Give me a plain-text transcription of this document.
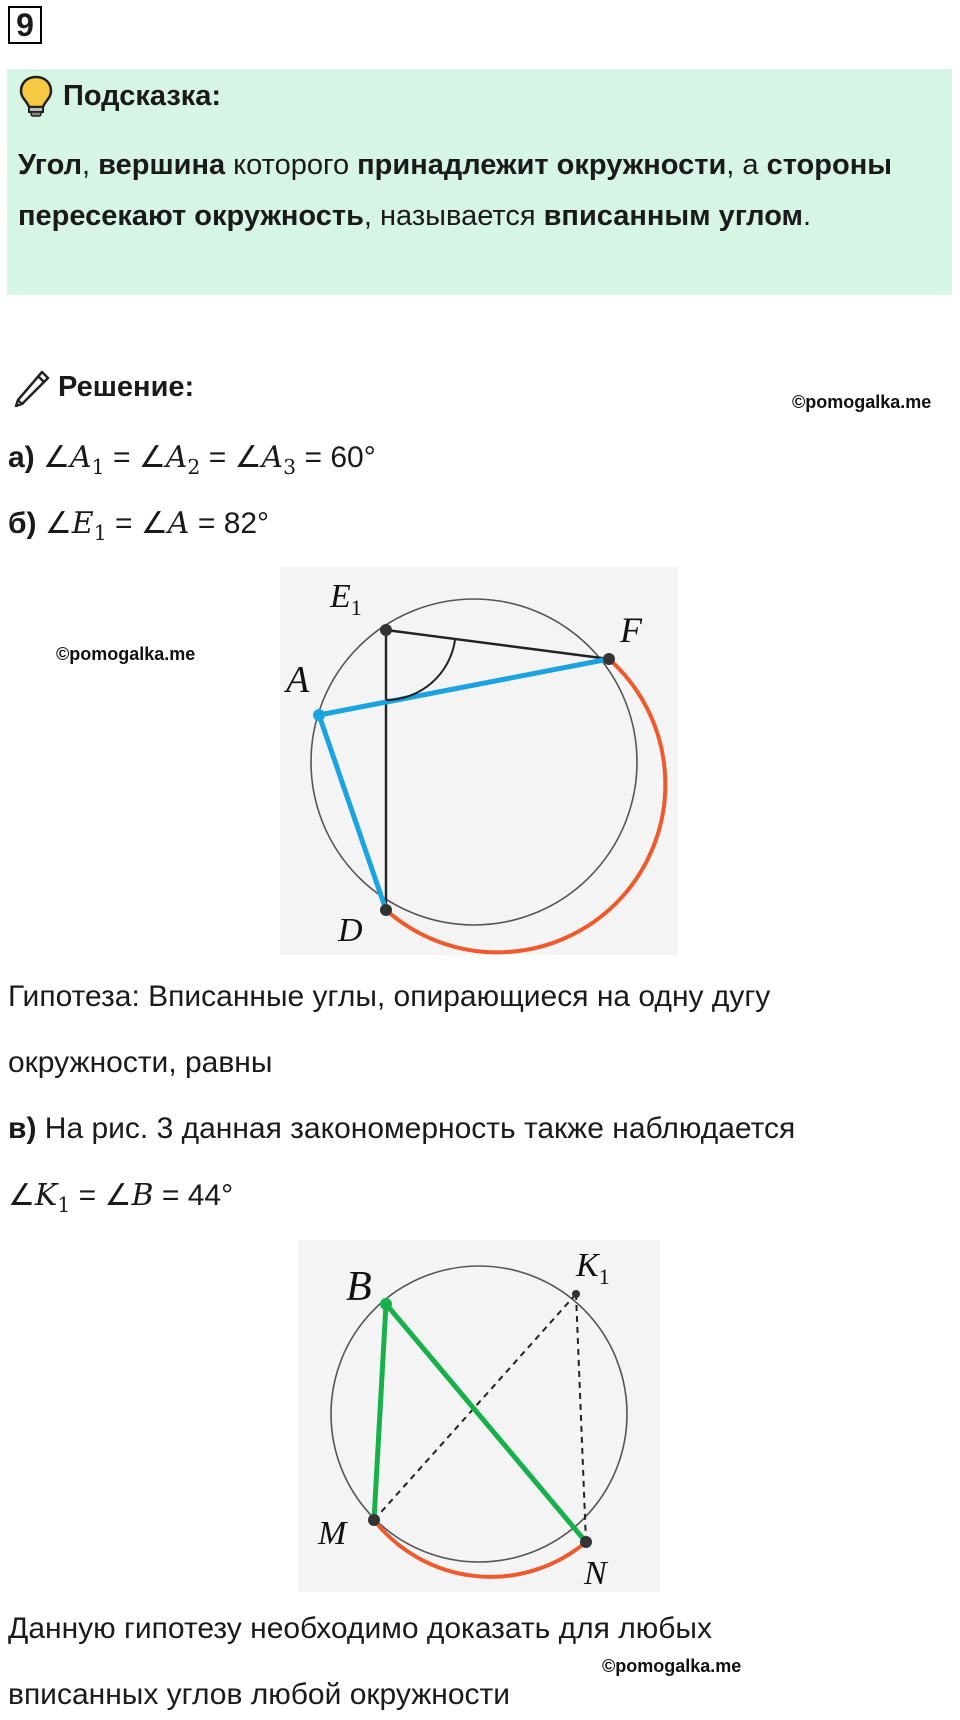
9
Подсказка:
Угол, вершина которого принадлежит окружности, а стороны пересекают окружность, называется вписанным углом.
Решение:	©pomogalka.me
а) $\angle A_1$ = $\angle A_2$ = $\angle A_3 = 60^\circ$
б) $\angle E_1$ = ∠A = 82°
©pomogalka.me
$E_1$
F
A
D
Гипотеза: Вписанные углы, опирающиеся на одну дугу
окружности, равны
в) На рис. 3 данная закономерность также наблюдается
$\angle K_1$ = ∠B = 44°
B	$K_1$
M
N
Данную гипотезу необходимо доказать для любых
©pomogalka.me
вписанных углов любой окружности
